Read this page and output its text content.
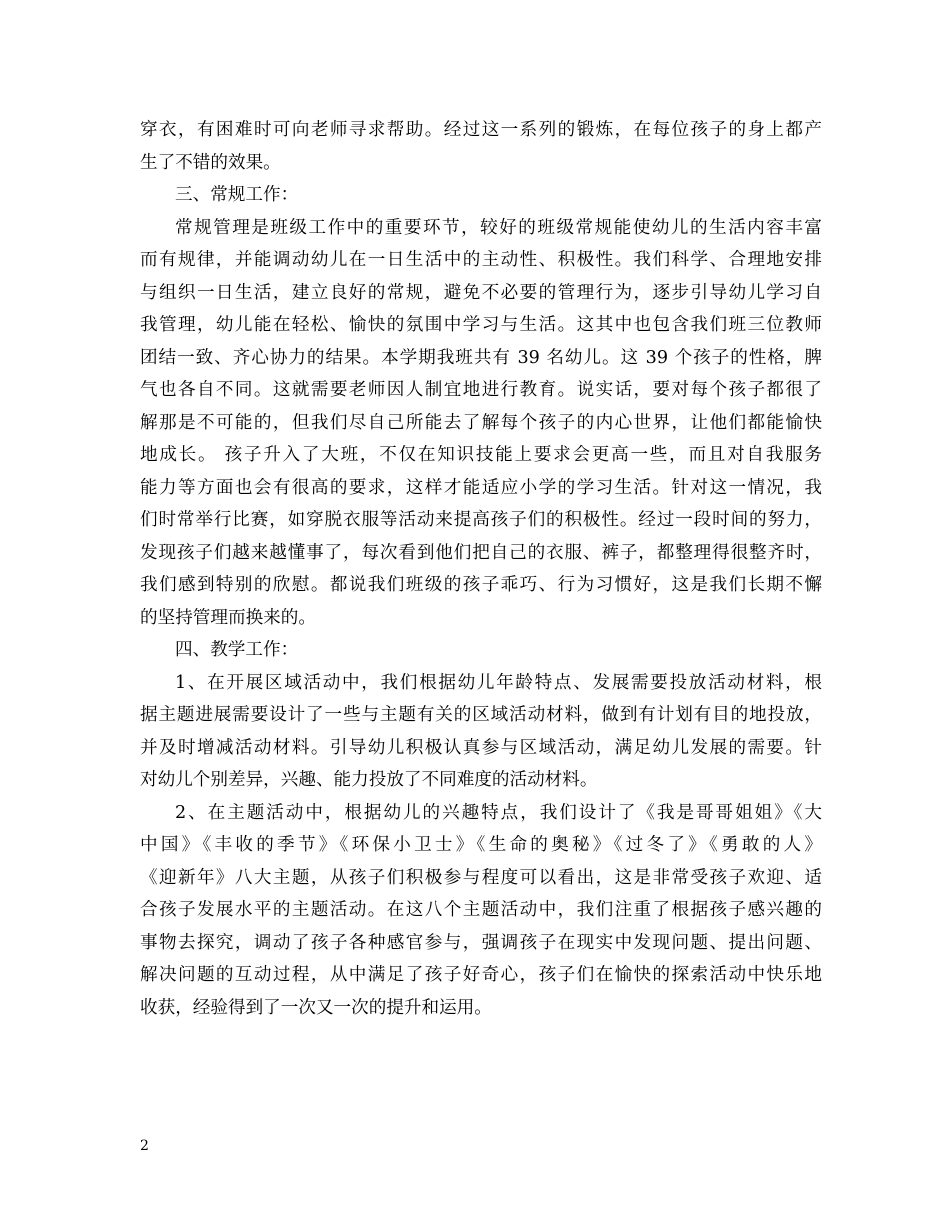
穿衣，有困难时可向老师寻求帮助。经过这一系列的锻炼，在每位孩子的身上都产
生了不错的效果。
三、常规工作：
常规管理是班级工作中的重要环节，较好的班级常规能使幼儿的生活内容丰富
而有规律，并能调动幼儿在一日生活中的主动性、积极性。我们科学、合理地安排
与组织一日生活，建立良好的常规，避免不必要的管理行为，逐步引导幼儿学习自
我管理，幼儿能在轻松、愉快的氛围中学习与生活。这其中也包含我们班三位教师
团结一致、齐心协力的结果。本学期我班共有 39 名幼儿。这 39 个孩子的性格，脾
气也各自不同。这就需要老师因人制宜地进行教育。说实话，要对每个孩子都很了
解那是不可能的，但我们尽自己所能去了解每个孩子的内心世界，让他们都能愉快
地成长。 孩子升入了大班，不仅在知识技能上要求会更高一些，而且对自我服务
能力等方面也会有很高的要求，这样才能适应小学的学习生活。针对这一情况，我
们时常举行比赛，如穿脱衣服等活动来提高孩子们的积极性。经过一段时间的努力，
发现孩子们越来越懂事了，每次看到他们把自己的衣服、裤子，都整理得很整齐时，
我们感到特别的欣慰。都说我们班级的孩子乖巧、行为习惯好，这是我们长期不懈
的坚持管理而换来的。
四、教学工作：
1、在开展区域活动中，我们根据幼儿年龄特点、发展需要投放活动材料，根
据主题进展需要设计了一些与主题有关的区域活动材料，做到有计划有目的地投放，
并及时增减活动材料。引导幼儿积极认真参与区域活动，满足幼儿发展的需要。针
对幼儿个别差异，兴趣、能力投放了不同难度的活动材料。
2、在主题活动中，根据幼儿的兴趣特点，我们设计了《我是哥哥姐姐》《大
中国》《丰收的季节》《环保小卫士》《生命的奥秘》《过冬了》《勇敢的人》
《迎新年》八大主题，从孩子们积极参与程度可以看出，这是非常受孩子欢迎、适
合孩子发展水平的主题活动。在这八个主题活动中，我们注重了根据孩子感兴趣的
事物去探究，调动了孩子各种感官参与，强调孩子在现实中发现问题、提出问题、
解决问题的互动过程，从中满足了孩子好奇心，孩子们在愉快的探索活动中快乐地
收获，经验得到了一次又一次的提升和运用。
2
